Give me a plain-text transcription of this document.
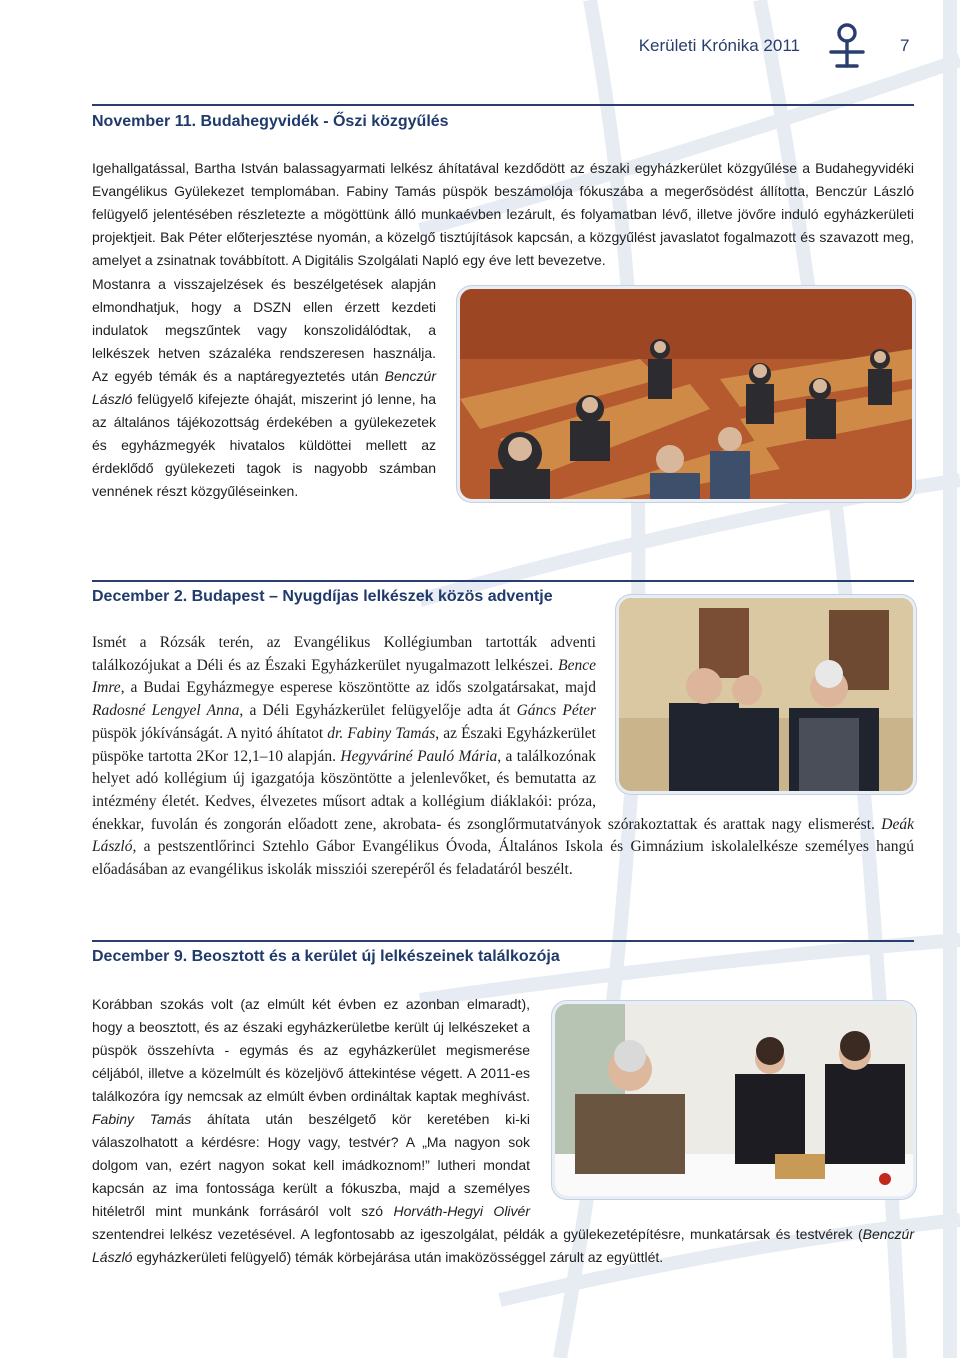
Kerületi Krónika 2011	7
November 11. Budahegyvidék - Őszi közgyűlés

Igehallgatással, Bartha István balassagyarmati lelkész áhítatával kezdődött az északi egyházkerület közgyűlése a Budahegyvidéki Evangélikus Gyülekezet templomában. Fabiny Tamás püspök beszámolója fókuszába a megerősödést állította, Benczúr László felügyelő jelentésében részletezte a mögöttünk álló munkaévben lezárult, és folyamatban lévő, illetve jövőre induló egyházkerületi projektjeit. Bak Péter előterjesztése nyomán, a közelgő tisztújítások kapcsán, a közgyűlést javaslatot fogalmazott és szavazott meg, amelyet a zsinatnak továbbított. A Digitális Szolgálati Napló egy éve lett bevezetve.

Mostanra a visszajelzések és beszélgetések alapján elmondhatjuk, hogy a DSZN ellen érzett kezdeti indulatok megszűntek vagy konszolidálódtak, a lelkészek hetven százaléka rendszeresen használja. Az egyéb témák és a naptáregyeztetés után Benczúr László felügyelő kifejezte óhaját, miszerint jó lenne, ha az általános tájékozottság érdekében a gyülekezetek és egyházmegyék hivatalos küldöttei mellett az érdeklődő gyülekezeti tagok is nagyobb számban vennének részt közgyűléseinken.

December 2. Budapest – Nyugdíjas lelkészek közös adventje

Ismét a Rózsák terén, az Evangélikus Kollégiumban tartották adventi találkozójukat a Déli és az Északi Egyházkerület nyugalmazott lelkészei. Bence Imre, a Budai Egyházmegye esperese köszöntötte az idős szolgatársakat, majd Radosné Lengyel Anna, a Déli Egyházkerület felügyelője adta át Gáncs Péter püspök jókívánságát. A nyitó áhítatot dr. Fabiny Tamás, az Északi Egyházkerület püspöke tartotta 2Kor 12,1–10 alapján. Hegyváriné Pauló Mária, a találkozónak helyet adó kollégium új igazgatója köszöntötte a jelenlevőket, és bemutatta az intézmény életét. Kedves, élvezetes műsort adtak a kollégium diáklakói: próza, énekkar, fuvolán és zongorán előadott zene, akrobata- és zsonglőrmutatványok szórakoztattak és arattak nagy elismerést. Deák László, a pestszentlőrinci Sztehlo Gábor Evangélikus Óvoda, Általános Iskola és Gimnázium iskolalelkésze személyes hangú előadásában az evangélikus iskolák missziói szerepéről és feladatáról beszélt.

December 9. Beosztott és a kerület új lelkészeinek találkozója

Korábban szokás volt (az elmúlt két évben ez azonban elmaradt), hogy a beosztott, és az északi egyházkerületbe került új lelkészeket a püspök összehívta - egymás és az egyházkerület megismerése céljából, illetve a közelmúlt és közeljövő áttekintése végett. A 2011-es találkozóra így nemcsak az elmúlt évben ordináltak kaptak meghívást. Fabiny Tamás áhítata után beszélgető kör keretében ki-ki válaszolhatott a kérdésre: Hogy vagy, testvér? A „Ma nagyon sok dolgom van, ezért nagyon sokat kell imádkoznom!” lutheri mondat kapcsán az ima fontossága került a fókuszba, majd a személyes hitéletről mint munkánk forrásáról volt szó Horváth-Hegyi Olivér szentendrei lelkész vezetésével. A legfontosabb az igeszolgálat, példák a gyülekezetépítésre, munkatársak és testvérek (Benczúr László egyházkerületi felügyelő) témák körbejárása után imaközösséggel zárult az együttlét.
